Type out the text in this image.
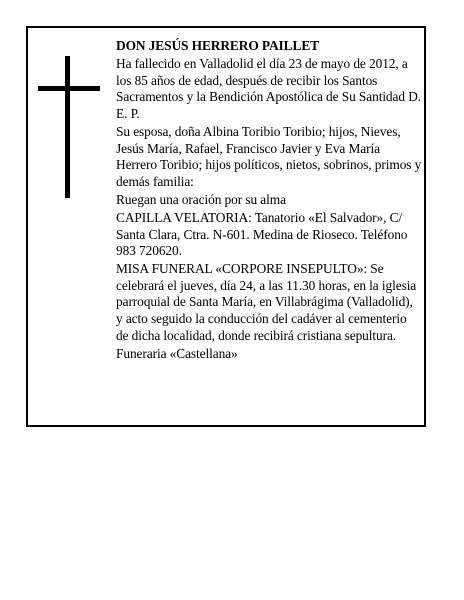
DON JESÚS HERRERO PAILLET

Ha fallecido en Valladolid el día 23 de mayo de 2012, a los 85 años de edad, después de recibir los Santos Sacramentos y la Bendición Apostólica de Su Santidad D. E. P.

Su esposa, doña Albina Toribio Toribio; hijos, Nieves, Jesús María, Rafael, Francisco Javier y Eva María Herrero Toribio; hijos políticos, nietos, sobrinos, primos y demás familia:

Ruegan una oración por su alma

CAPILLA VELATORIA: Tanatorio «El Salvador», C/ Santa Clara, Ctra. N-601. Medina de Rioseco. Teléfono 983 720620.

MISA FUNERAL «CORPORE INSEPULTO»: Se celebrará el jueves, día 24, a las 11.30 horas, en la iglesia parroquial de Santa María, en Villabrágima (Valladolid), y acto seguido la conducción del cadáver al cementerio de dicha localidad, donde recibirá cristiana sepultura.

Funeraria «Castellana»
